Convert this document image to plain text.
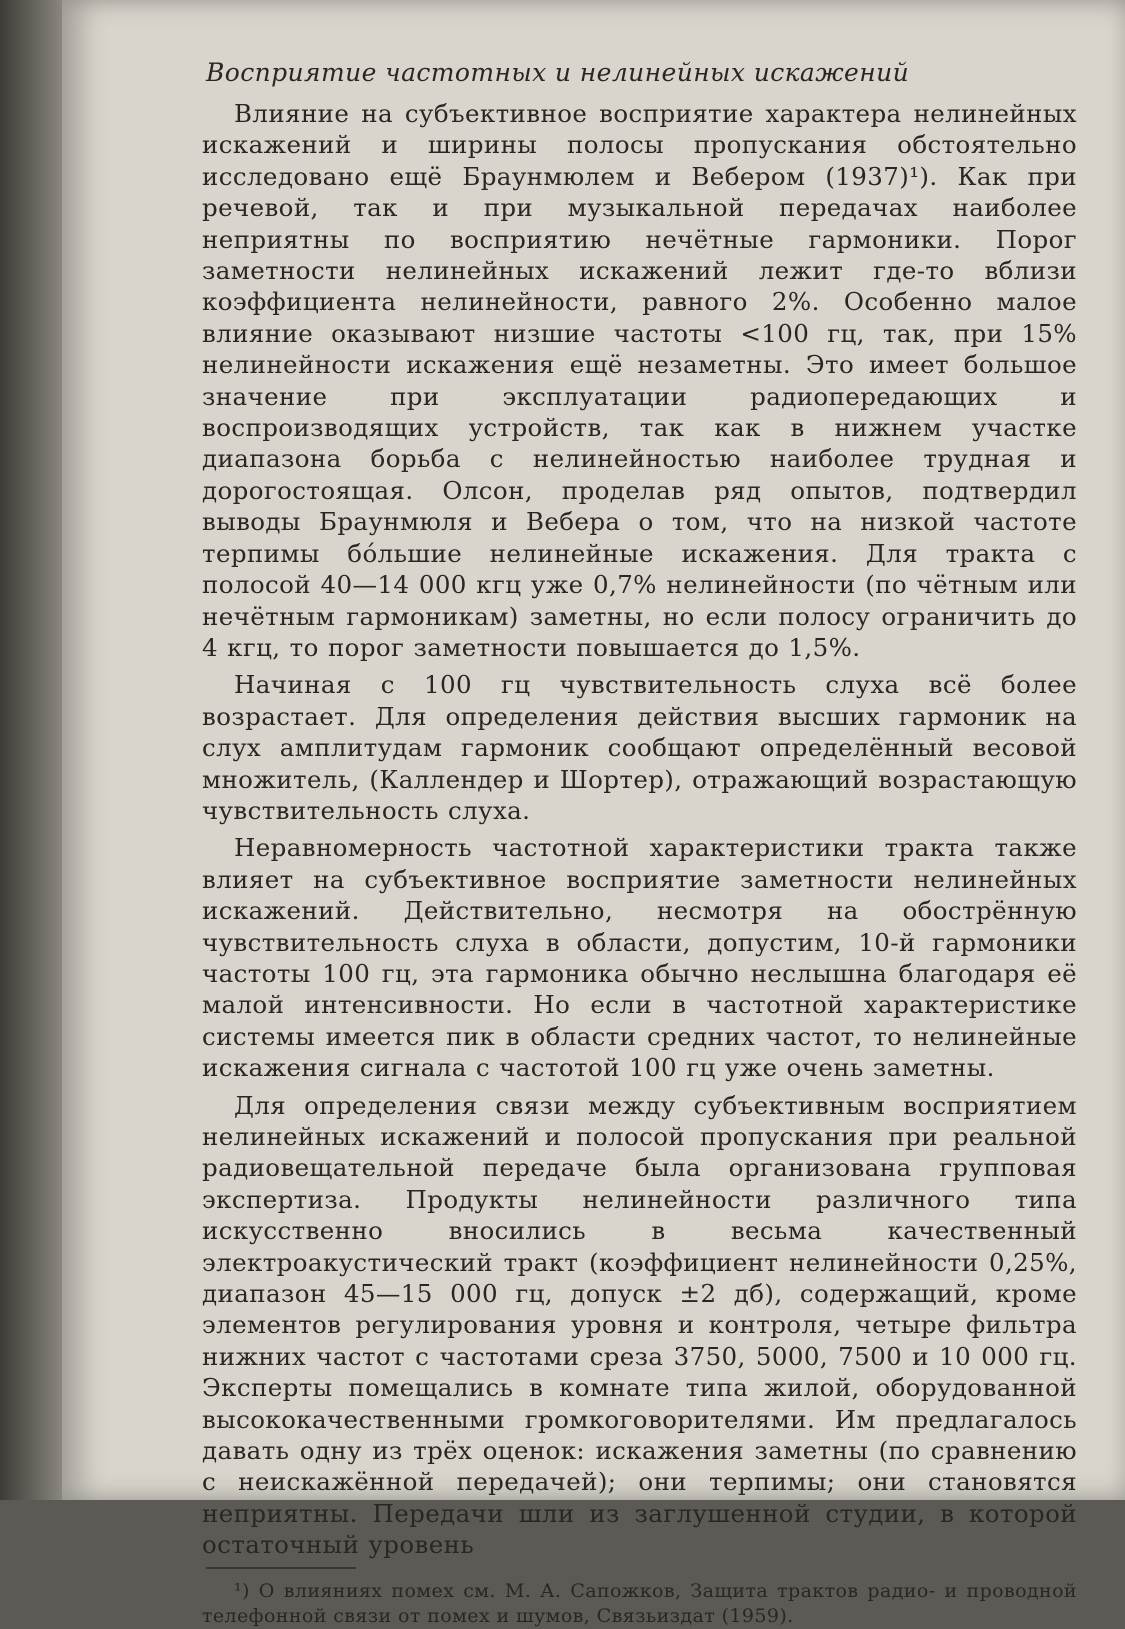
Восприятие частотных и нелинейных искажений

Влияние на субъективное восприятие характера нелинейных искажений и ширины полосы пропускания обстоятельно исследовано ещё Браунмюлем и Вебером (1937)¹). Как при речевой, так и при музыкальной передачах наиболее неприятны по восприятию нечётные гармоники. Порог заметности нелинейных искажений лежит где-то вблизи коэффициента нелинейности, равного 2%. Особенно малое влияние оказывают низшие частоты <100 гц, так, при 15% нелинейности искажения ещё незаметны. Это имеет большое значение при эксплуатации радиопередающих и воспроизводящих устройств, так как в нижнем участке диапазона борьба с нелинейностью наиболее трудная и дорогостоящая. Олсон, проделав ряд опытов, подтвердил выводы Браунмюля и Вебера о том, что на низкой частоте терпимы бо́льшие нелинейные искажения. Для тракта с полосой 40—14 000 кгц уже 0,7% нелинейности (по чётным или нечётным гармоникам) заметны, но если полосу ограничить до 4 кгц, то порог заметности повышается до 1,5%.

Начиная с 100 гц чувствительность слуха всё более возрастает. Для определения действия высших гармоник на слух амплитудам гармоник сообщают определённый весовой множитель, (Каллендер и Шортер), отражающий возрастающую чувствительность слуха.

Неравномерность частотной характеристики тракта также влияет на субъективное восприятие заметности нелинейных искажений. Действительно, несмотря на обострённую чувствительность слуха в области, допустим, 10-й гармоники частоты 100 гц, эта гармоника обычно неслышна благодаря её малой интенсивности. Но если в частотной характеристике системы имеется пик в области средних частот, то нелинейные искажения сигнала с частотой 100 гц уже очень заметны.

Для определения связи между субъективным восприятием нелинейных искажений и полосой пропускания при реальной радиовещательной передаче была организована групповая экспертиза. Продукты нелинейности различного типа искусственно вносились в весьма качественный электроакустический тракт (коэффициент нелинейности 0,25%, диапазон 45—15 000 гц, допуск ±2 дб), содержащий, кроме элементов регулирования уровня и контроля, четыре фильтра нижних частот с частотами среза 3750, 5000, 7500 и 10 000 гц. Эксперты помещались в комнате типа жилой, оборудованной высококачественными громкоговорителями. Им предлагалось давать одну из трёх оценок: искажения заметны (по сравнению с неискажённой передачей); они терпимы; они становятся неприятны. Передачи шли из заглушенной студии, в которой остаточный уровень

¹) О влияниях помех см. М. А. Сапожков, Защита трактов радио- и проводной телефонной связи от помех и шумов, Связьиздат (1959).
